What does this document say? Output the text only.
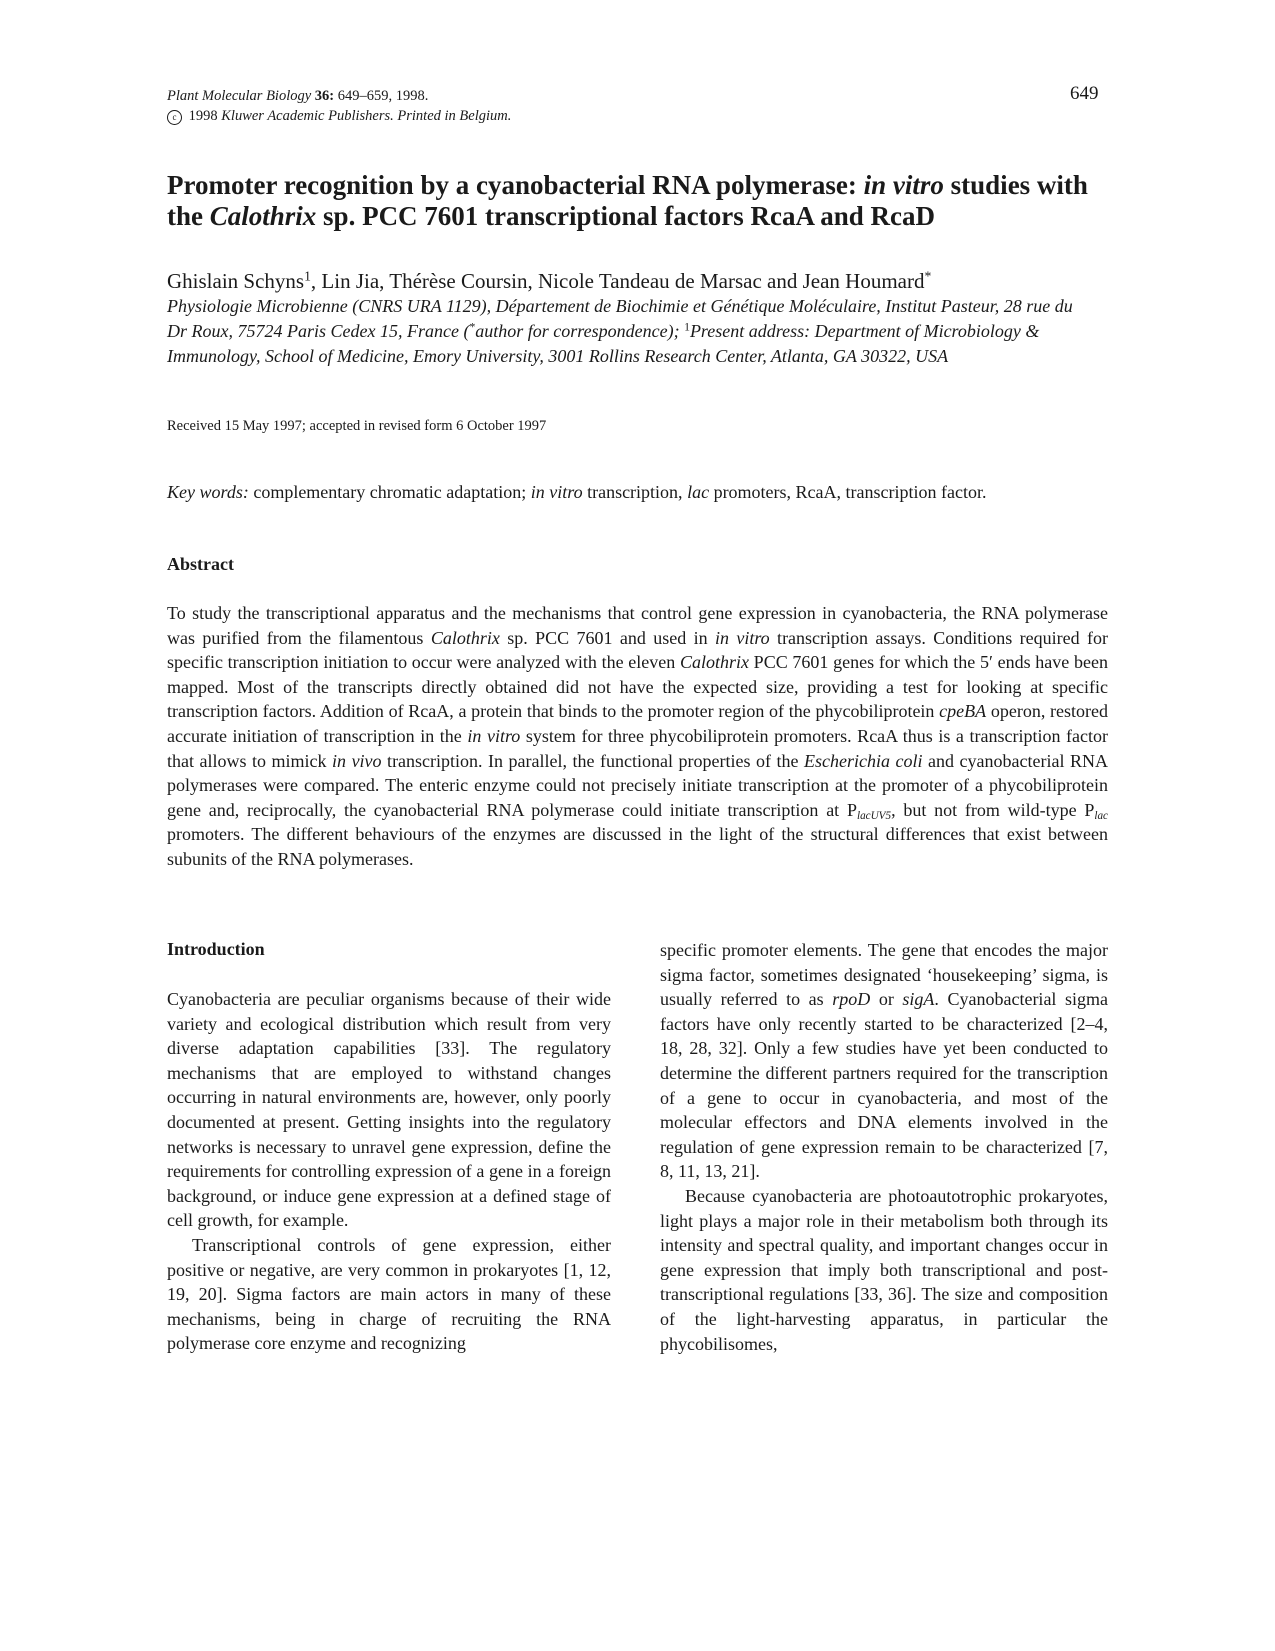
Plant Molecular Biology 36: 649–659, 1998.
c 1998 Kluwer Academic Publishers. Printed in Belgium.
649
Promoter recognition by a cyanobacterial RNA polymerase: in vitro studies with the Calothrix sp. PCC 7601 transcriptional factors RcaA and RcaD
Ghislain Schyns$^1$, Lin Jia, Thérèse Coursin, Nicole Tandeau de Marsac and Jean Houmard*
Physiologie Microbienne (CNRS URA 1129), Département de Biochimie et Génétique Moléculaire, Institut Pasteur, 28 rue du Dr Roux, 75724 Paris Cedex 15, France (*author for correspondence); $^1$Present address: Department of Microbiology & Immunology, School of Medicine, Emory University, 3001 Rollins Research Center, Atlanta, GA 30322, USA
Received 15 May 1997; accepted in revised form 6 October 1997
Key words: complementary chromatic adaptation; in vitro transcription, lac promoters, RcaA, transcription factor.
Abstract

To study the transcriptional apparatus and the mechanisms that control gene expression in cyanobacteria, the RNA polymerase was purified from the filamentous Calothrix sp. PCC 7601 and used in in vitro transcription assays. Conditions required for specific transcription initiation to occur were analyzed with the eleven Calothrix PCC 7601 genes for which the 5′ ends have been mapped. Most of the transcripts directly obtained did not have the expected size, providing a test for looking at specific transcription factors. Addition of RcaA, a protein that binds to the promoter region of the phycobiliprotein cpeBA operon, restored accurate initiation of transcription in the in vitro system for three phycobiliprotein promoters. RcaA thus is a transcription factor that allows to mimick in vivo transcription. In parallel, the functional properties of the Escherichia coli and cyanobacterial RNA polymerases were compared. The enteric enzyme could not precisely initiate transcription at the promoter of a phycobiliprotein gene and, reciprocally, the cyanobacterial RNA polymerase could initiate transcription at $P_{lacUV5}$, but not from wild-type $P_{lac}$ promoters. The different behaviours of the enzymes are discussed in the light of the structural differences that exist between subunits of the RNA polymerases.

Introduction

Cyanobacteria are peculiar organisms because of their wide variety and ecological distribution which result from very diverse adaptation capabilities [33]. The regulatory mechanisms that are employed to withstand changes occurring in natural environments are, however, only poorly documented at present. Getting insights into the regulatory networks is necessary to unravel gene expression, define the requirements for controlling expression of a gene in a foreign background, or induce gene expression at a defined stage of cell growth, for example.

Transcriptional controls of gene expression, either positive or negative, are very common in prokaryotes [1, 12, 19, 20]. Sigma factors are main actors in many of these mechanisms, being in charge of recruiting the RNA polymerase core enzyme and recognizing

specific promoter elements. The gene that encodes the major sigma factor, sometimes designated ‘housekeeping’ sigma, is usually referred to as rpoD or sigA. Cyanobacterial sigma factors have only recently started to be characterized [2–4, 18, 28, 32]. Only a few studies have yet been conducted to determine the different partners required for the transcription of a gene to occur in cyanobacteria, and most of the molecular effectors and DNA elements involved in the regulation of gene expression remain to be characterized [7, 8, 11, 13, 21].

Because cyanobacteria are photoautotrophic prokaryotes, light plays a major role in their metabolism both through its intensity and spectral quality, and important changes occur in gene expression that imply both transcriptional and post-transcriptional regulations [33, 36]. The size and composition of the light-harvesting apparatus, in particular the phycobilisomes,
